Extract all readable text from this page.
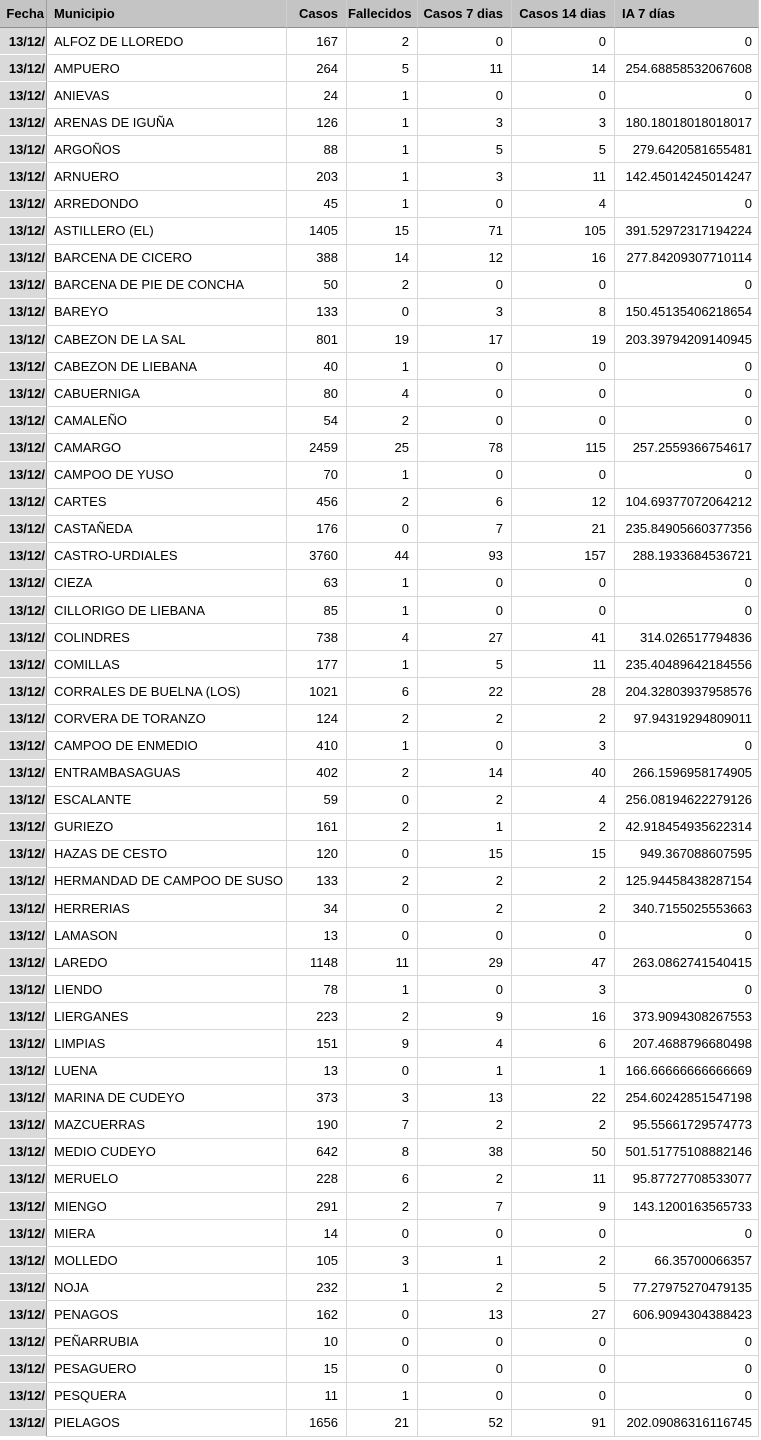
Fecha	Municipio	Casos	Fallecidos	Casos 7 dias	Casos 14 dias	IA 7 días
13/12/	ALFOZ DE LLOREDO	167	2	0	0	0
13/12/	AMPUERO	264	5	11	14	254.68858532067608
13/12/	ANIEVAS	24	1	0	0	0
13/12/	ARENAS DE IGUÑA	126	1	3	3	180.18018018018017
13/12/	ARGOÑOS	88	1	5	5	279.6420581655481
13/12/	ARNUERO	203	1	3	11	142.45014245014247
13/12/	ARREDONDO	45	1	0	4	0
13/12/	ASTILLERO (EL)	1405	15	71	105	391.52972317194224
13/12/	BARCENA DE CICERO	388	14	12	16	277.84209307710114
13/12/	BARCENA DE PIE DE CONCHA	50	2	0	0	0
13/12/	BAREYO	133	0	3	8	150.45135406218654
13/12/	CABEZON DE LA SAL	801	19	17	19	203.39794209140945
13/12/	CABEZON DE LIEBANA	40	1	0	0	0
13/12/	CABUERNIGA	80	4	0	0	0
13/12/	CAMALEÑO	54	2	0	0	0
13/12/	CAMARGO	2459	25	78	115	257.2559366754617
13/12/	CAMPOO DE YUSO	70	1	0	0	0
13/12/	CARTES	456	2	6	12	104.69377072064212
13/12/	CASTAÑEDA	176	0	7	21	235.84905660377356
13/12/	CASTRO-URDIALES	3760	44	93	157	288.1933684536721
13/12/	CIEZA	63	1	0	0	0
13/12/	CILLORIGO DE LIEBANA	85	1	0	0	0
13/12/	COLINDRES	738	4	27	41	314.026517794836
13/12/	COMILLAS	177	1	5	11	235.40489642184556
13/12/	CORRALES DE BUELNA (LOS)	1021	6	22	28	204.32803937958576
13/12/	CORVERA DE TORANZO	124	2	2	2	97.94319294809011
13/12/	CAMPOO DE ENMEDIO	410	1	0	3	0
13/12/	ENTRAMBASAGUAS	402	2	14	40	266.1596958174905
13/12/	ESCALANTE	59	0	2	4	256.08194622279126
13/12/	GURIEZO	161	2	1	2	42.918454935622314
13/12/	HAZAS DE CESTO	120	0	15	15	949.367088607595
13/12/	HERMANDAD DE CAMPOO DE SUSO	133	2	2	2	125.94458438287154
13/12/	HERRERIAS	34	0	2	2	340.7155025553663
13/12/	LAMASON	13	0	0	0	0
13/12/	LAREDO	1148	11	29	47	263.0862741540415
13/12/	LIENDO	78	1	0	3	0
13/12/	LIERGANES	223	2	9	16	373.9094308267553
13/12/	LIMPIAS	151	9	4	6	207.4688796680498
13/12/	LUENA	13	0	1	1	166.66666666666669
13/12/	MARINA DE CUDEYO	373	3	13	22	254.60242851547198
13/12/	MAZCUERRAS	190	7	2	2	95.55661729574773
13/12/	MEDIO CUDEYO	642	8	38	50	501.51775108882146
13/12/	MERUELO	228	6	2	11	95.87727708533077
13/12/	MIENGO	291	2	7	9	143.1200163565733
13/12/	MIERA	14	0	0	0	0
13/12/	MOLLEDO	105	3	1	2	66.35700066357
13/12/	NOJA	232	1	2	5	77.27975270479135
13/12/	PENAGOS	162	0	13	27	606.9094304388423
13/12/	PEÑARRUBIA	10	0	0	0	0
13/12/	PESAGUERO	15	0	0	0	0
13/12/	PESQUERA	11	1	0	0	0
13/12/	PIELAGOS	1656	21	52	91	202.09086316116745
